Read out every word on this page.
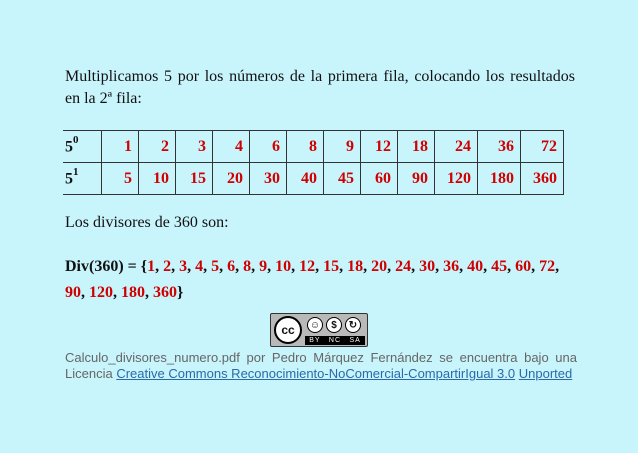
Multiplicamos 5 por los números de la primera fila, colocando los resultados en la 2ª fila:
$5^0$	1	2	3	4	6	8	9	12	18	24	36	72
$5^1$	5	10	15	20	30	40	45	60	90	120	180	360
Los divisores de 360 son:
Div(360) = {1, 2, 3, 4, 5, 6, 8, 9, 10, 12, 15, 18, 20, 24, 30, 36, 40, 45, 60, 72, 90, 120, 180, 360}
cc	☺	$	↻
BY NC SA
Calculo_divisores_numero.pdf por Pedro Márquez Fernández se encuentra bajo una Licencia Creative Commons Reconocimiento-NoComercial-CompartirIgual 3.0 Unported
